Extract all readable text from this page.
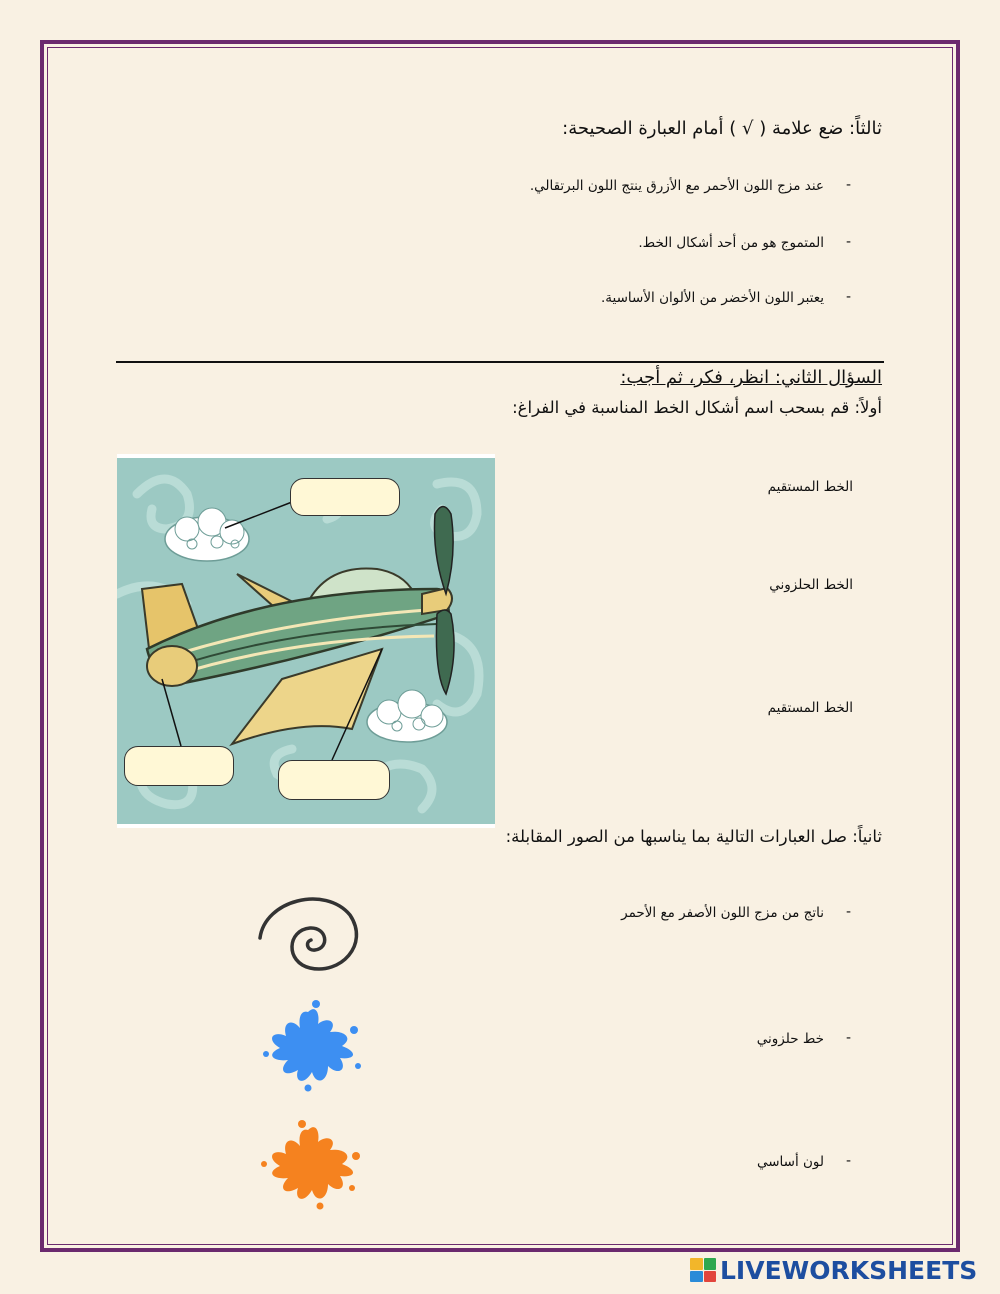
ثالثاً: ضع علامة ( √ ) أمام العبارة الصحيحة:
عند مزج اللون الأحمر مع الأزرق ينتج اللون البرتقالي. -
المتموج هو من أحد أشكال الخط. -
يعتبر اللون الأخضر من الألوان الأساسية. -
السؤال الثاني: انظر، فكر، ثم أجب:
أولاً: قم بسحب اسم أشكال الخط المناسبة في الفراغ:
الخط المستقيم
الخط الحلزوني
الخط المستقيم
ثانياً: صل العبارات التالية بما يناسبها من الصور المقابلة:
ناتج من مزج اللون الأصفر مع الأحمر -
خط حلزوني -
لون أساسي -
LIVEWORKSHEETS
